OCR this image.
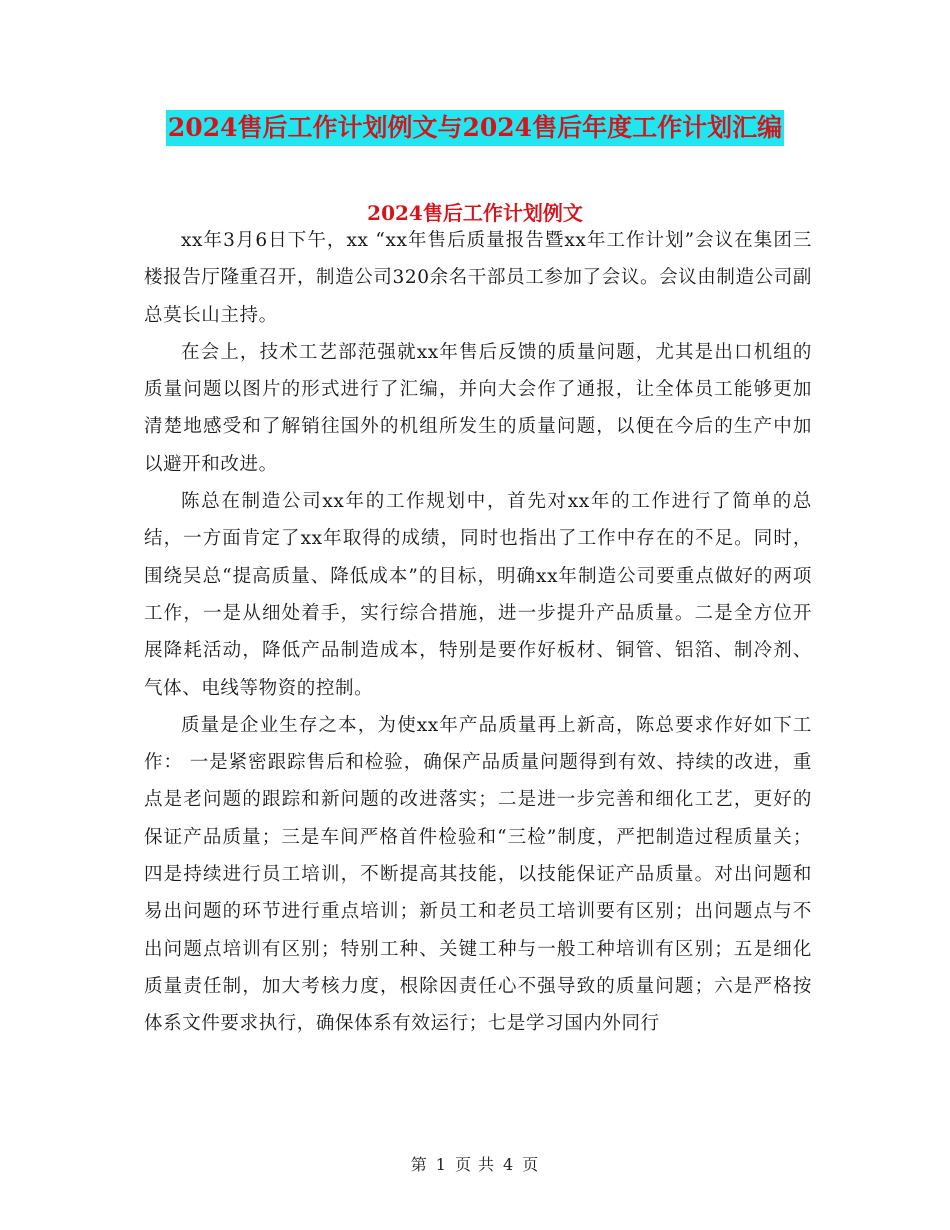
2024售后工作计划例文与2024售后年度工作计划汇编
2024售后工作计划例文

xx年3月6日下午，xx “xx年售后质量报告暨xx年工作计划”会议在集团三楼报告厅隆重召开，制造公司320余名干部员工参加了会议。会议由制造公司副总莫长山主持。

在会上，技术工艺部范强就xx年售后反馈的质量问题，尤其是出口机组的质量问题以图片的形式进行了汇编，并向大会作了通报，让全体员工能够更加清楚地感受和了解销往国外的机组所发生的质量问题，以便在今后的生产中加以避开和改进。

陈总在制造公司xx年的工作规划中，首先对xx年的工作进行了简单的总结，一方面肯定了xx年取得的成绩，同时也指出了工作中存在的不足。同时，围绕吴总“提高质量、降低成本”的目标，明确xx年制造公司要重点做好的两项工作，一是从细处着手，实行综合措施，进一步提升产品质量。二是全方位开展降耗活动，降低产品制造成本，特别是要作好板材、铜管、铝箔、制冷剂、气体、电线等物资的控制。

质量是企业生存之本，为使xx年产品质量再上新高，陈总要求作好如下工作： 一是紧密跟踪售后和检验，确保产品质量问题得到有效、持续的改进，重点是老问题的跟踪和新问题的改进落实；二是进一步完善和细化工艺，更好的保证产品质量；三是车间严格首件检验和“三检”制度，严把制造过程质量关；四是持续进行员工培训，不断提高其技能，以技能保证产品质量。对出问题和易出问题的环节进行重点培训；新员工和老员工培训要有区别；出问题点与不出问题点培训有区别；特别工种、关键工种与一般工种培训有区别；五是细化质量责任制，加大考核力度，根除因责任心不强导致的质量问题；六是严格按体系文件要求执行，确保体系有效运行；七是学习国内外同行

第 1 页 共 4 页
